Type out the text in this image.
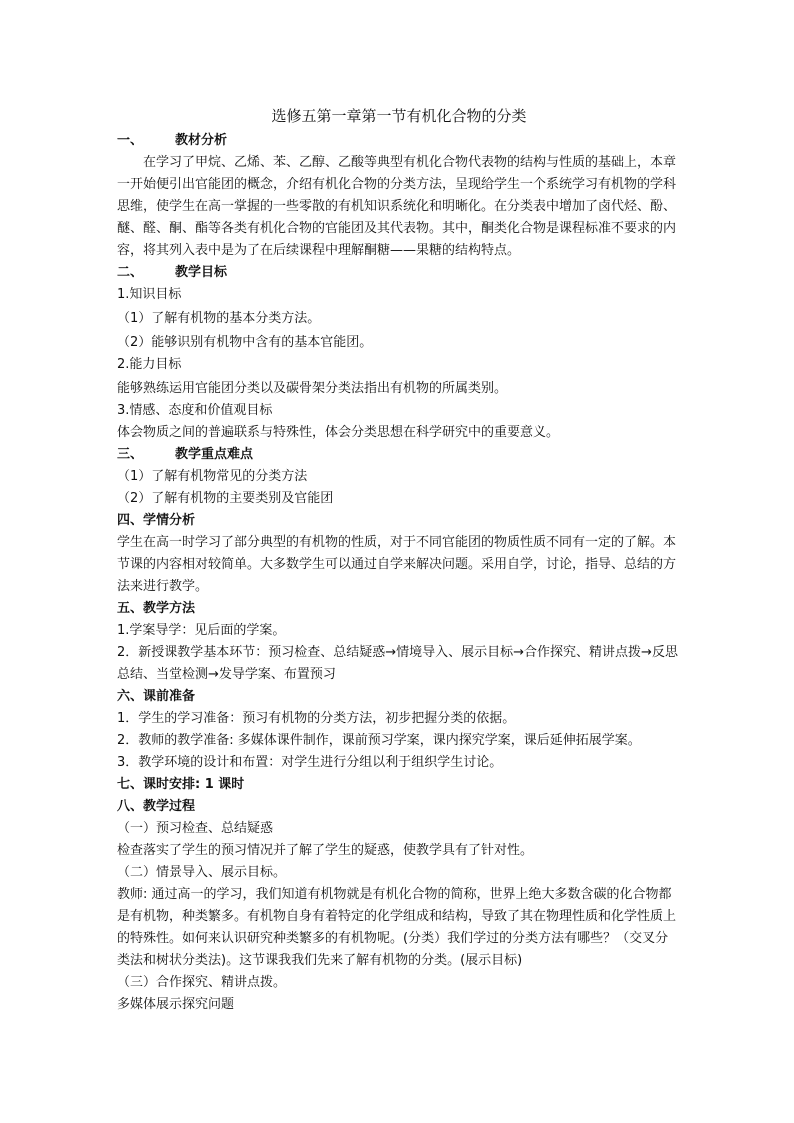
选修五第一章第一节有机化合物的分类
一、 教材分析

在学习了甲烷、乙烯、苯、乙醇、乙酸等典型有机化合物代表物的结构与性质的基础上，本章一开始便引出官能团的概念，介绍有机化合物的分类方法，呈现给学生一个系统学习有机物的学科思维，使学生在高一掌握的一些零散的有机知识系统化和明晰化。在分类表中增加了卤代烃、酚、醚、醛、酮、酯等各类有机化合物的官能团及其代表物。其中，酮类化合物是课程标准不要求的内容，将其列入表中是为了在后续课程中理解酮糖——果糖的结构特点。

二、 教学目标

1.知识目标

（1）了解有机物的基本分类方法。

（2）能够识别有机物中含有的基本官能团。

2.能力目标

能够熟练运用官能团分类以及碳骨架分类法指出有机物的所属类别。

3.情感、态度和价值观目标

体会物质之间的普遍联系与特殊性，体会分类思想在科学研究中的重要意义。

三、 教学重点难点

（1）了解有机物常见的分类方法

（2）了解有机物的主要类别及官能团

四、学情分析

学生在高一时学习了部分典型的有机物的性质，对于不同官能团的物质性质不同有一定的了解。本节课的内容相对较简单。大多数学生可以通过自学来解决问题。采用自学，讨论，指导、总结的方法来进行教学。

五、教学方法

1.学案导学：见后面的学案。

2．新授课教学基本环节：预习检查、总结疑惑→情境导入、展示目标→合作探究、精讲点拨→反思总结、当堂检测→发导学案、布置预习

六、课前准备

1．学生的学习准备：预习有机物的分类方法，初步把握分类的依据。

2．教师的教学准备: 多媒体课件制作，课前预习学案，课内探究学案，课后延伸拓展学案。

3．教学环境的设计和布置：对学生进行分组以利于组织学生讨论。

七、课时安排: 1 课时
八、教学过程

（一）预习检查、总结疑惑

检查落实了学生的预习情况并了解了学生的疑惑，使教学具有了针对性。

（二）情景导入、展示目标。

教师: 通过高一的学习，我们知道有机物就是有机化合物的简称，世界上绝大多数含碳的化合物都是有机物，种类繁多。有机物自身有着特定的化学组成和结构，导致了其在物理性质和化学性质上的特殊性。如何来认识研究种类繁多的有机物呢。(分类）我们学过的分类方法有哪些？（交叉分类法和树状分类法)。这节课我我们先来了解有机物的分类。(展示目标)

（三）合作探究、精讲点拨。

多媒体展示探究问题
